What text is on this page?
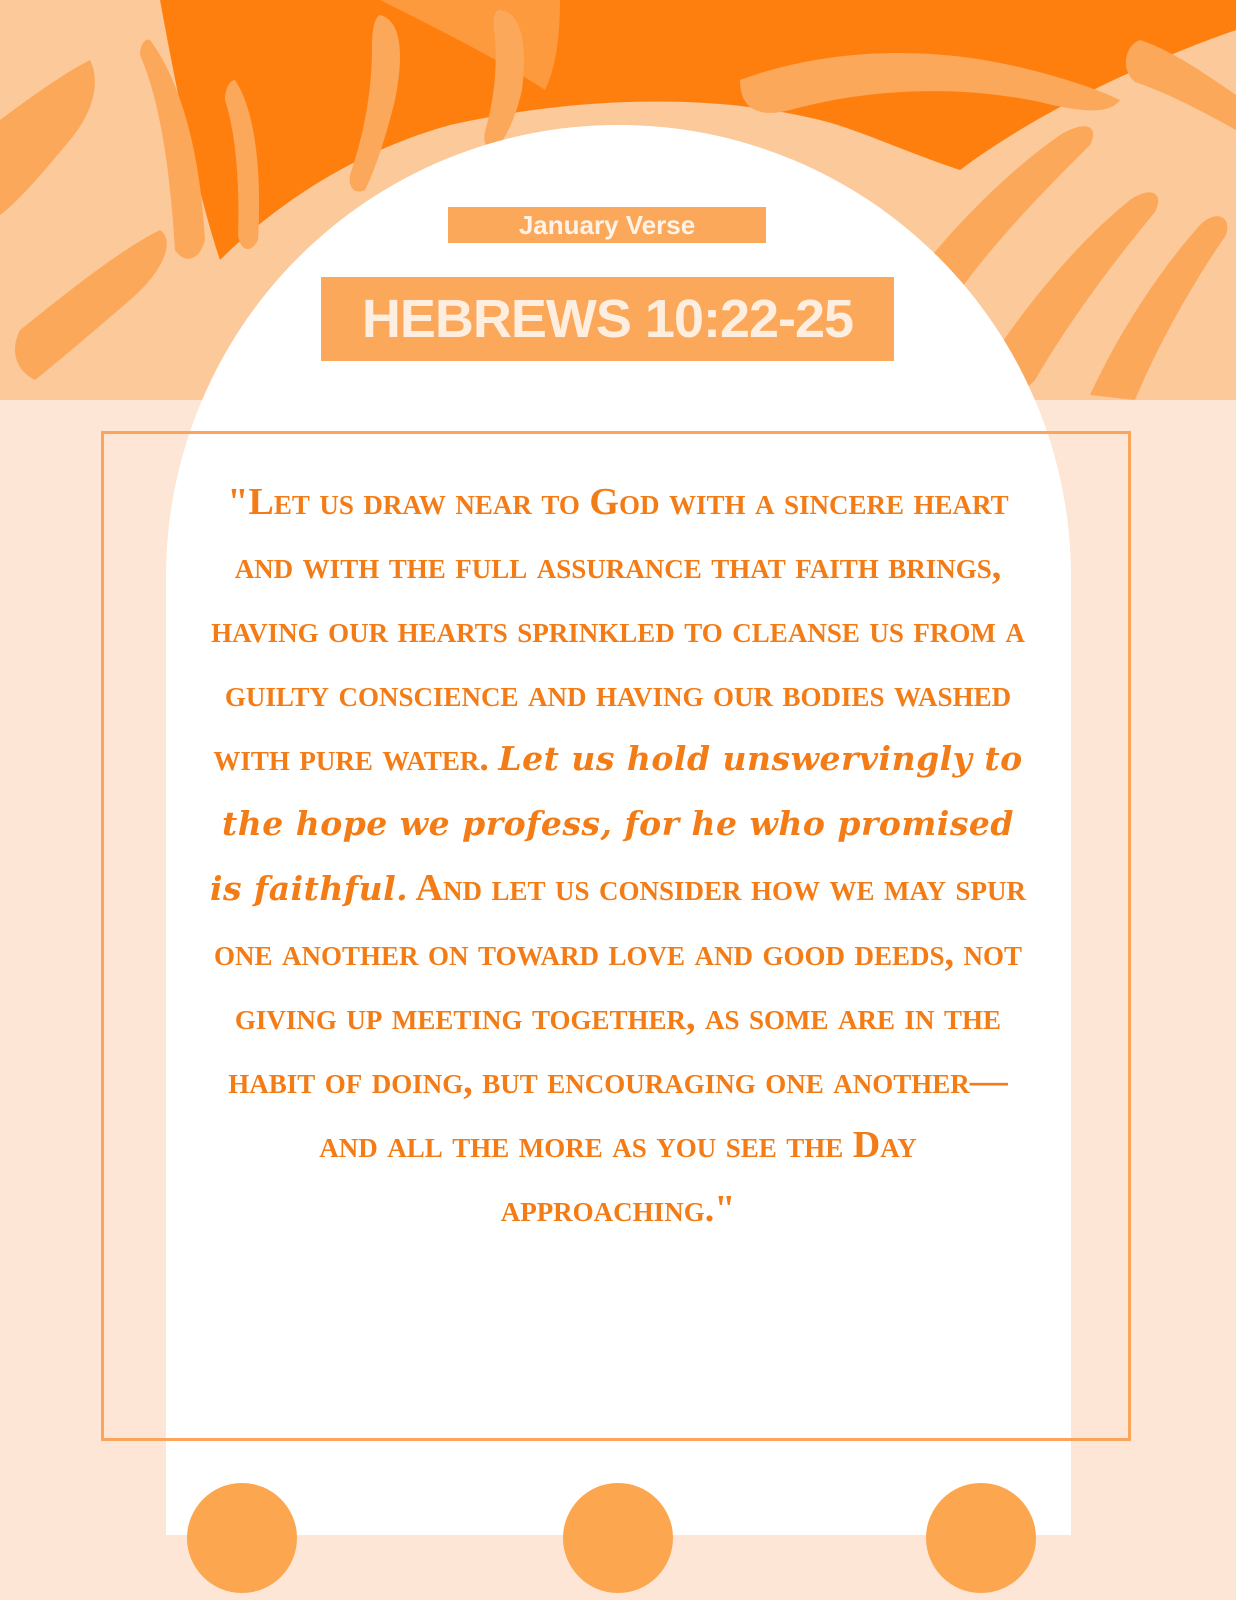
January Verse
HEBREWS 10:22-25

"Let us draw near to God with a sincere heart and with the full assurance that faith brings, having our hearts sprinkled to cleanse us from a guilty conscience and having our bodies washed with pure water. Let us hold unswervingly to the hope we profess, for he who promised is faithful. And let us consider how we may spur one another on toward love and good deeds, not giving up meeting together, as some are in the habit of doing, but encouraging one another—and all the more as you see the Day approaching."
